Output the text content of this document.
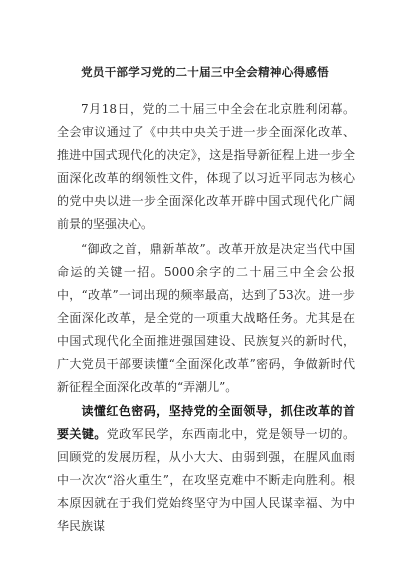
党员干部学习党的二十届三中全会精神心得感悟

7月18日，党的二十届三中全会在北京胜利闭幕。全会审议通过了《中共中央关于进一步全面深化改革、推进中国式现代化的决定》，这是指导新征程上进一步全面深化改革的纲领性文件，体现了以习近平同志为核心的党中央以进一步全面深化改革开辟中国式现代化广阔前景的坚强决心。

“御政之首，鼎新革故”。改革开放是决定当代中国命运的关键一招。5000余字的二十届三中全会公报中，“改革”一词出现的频率最高，达到了53次。进一步全面深化改革，是全党的一项重大战略任务。尤其是在中国式现代化全面推进强国建设、民族复兴的新时代，广大党员干部要读懂“全面深化改革”密码，争做新时代新征程全面深化改革的“弄潮儿”。

读懂红色密码，坚持党的全面领导，抓住改革的首要关键。党政军民学，东西南北中，党是领导一切的。回顾党的发展历程，从小大大、由弱到强，在腥风血雨中一次次“浴火重生”，在攻坚克难中不断走向胜利。根本原因就在于我们党始终坚守为中国人民谋幸福、为中华民族谋
